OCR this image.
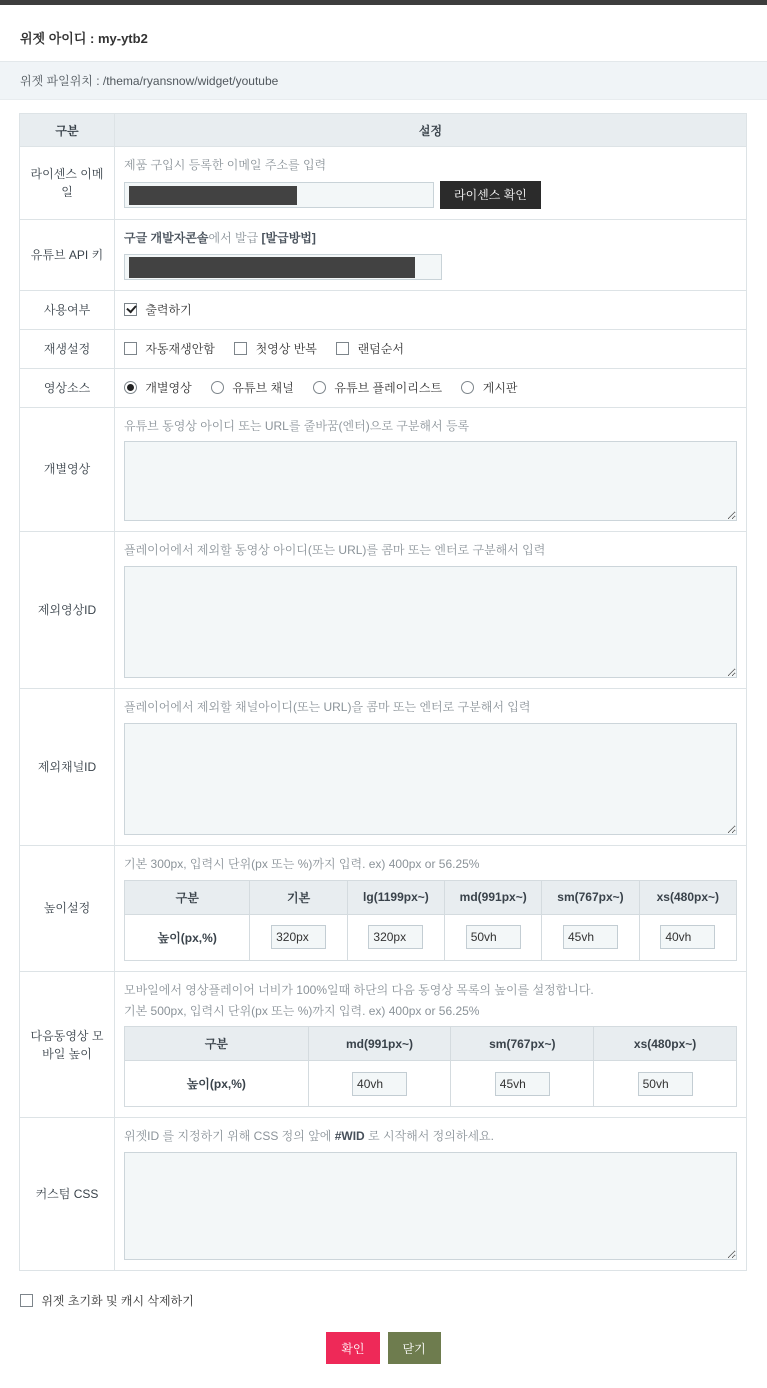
위젯 아이디 : my-ytb2
위젯 파일위치 : /thema/ryansnow/widget/youtube
구분	설정
라이센스 이메일	
제품 구입시 등록한 이메일 주소를 입력
라이센스 확인

유튜브 API 키	
구글 개발자콘솔에서 발급 [발급방법]

사용여부	출력하기
재생설정	자동재생안함	첫영상 반복	랜덤순서
영상소스	개별영상	유튜브 채널	유튜브 플레이리스트	게시판
개별영상	
유튜브 동영상 아이디 또는 URL를 줄바꿈(엔터)으로 구분해서 등록

제외영상ID	
플레이어에서 제외할 동영상 아이디(또는 URL)를 콤마 또는 엔터로 구분해서 입력

제외채널ID	
플레이어에서 제외할 채널아이디(또는 URL)을 콤마 또는 엔터로 구분해서 입력

높이설정	
기본 300px, 입력시 단위(px 또는 %)까지 입력. ex) 400px or 56.25%
구분	기본	lg(1199px~)	md(991px~)	sm(767px~)	xs(480px~)
높이(px,%)	320px	320px	50vh	45vh	40vh

다음동영상 모바일 높이	
모바일에서 영상플레이어 너비가 100%일때 하단의 다음 동영상 목록의 높이를 설정합니다.
기본 500px, 입력시 단위(px 또는 %)까지 입력. ex) 400px or 56.25%
구분	md(991px~)	sm(767px~)	xs(480px~)
높이(px,%)	40vh	45vh	50vh

커스텀 CSS	
위젯ID 를 지정하기 위해 CSS 정의 앞에 #WID 로 시작해서 정의하세요.
위젯 초기화 및 캐시 삭제하기
확인	닫기
